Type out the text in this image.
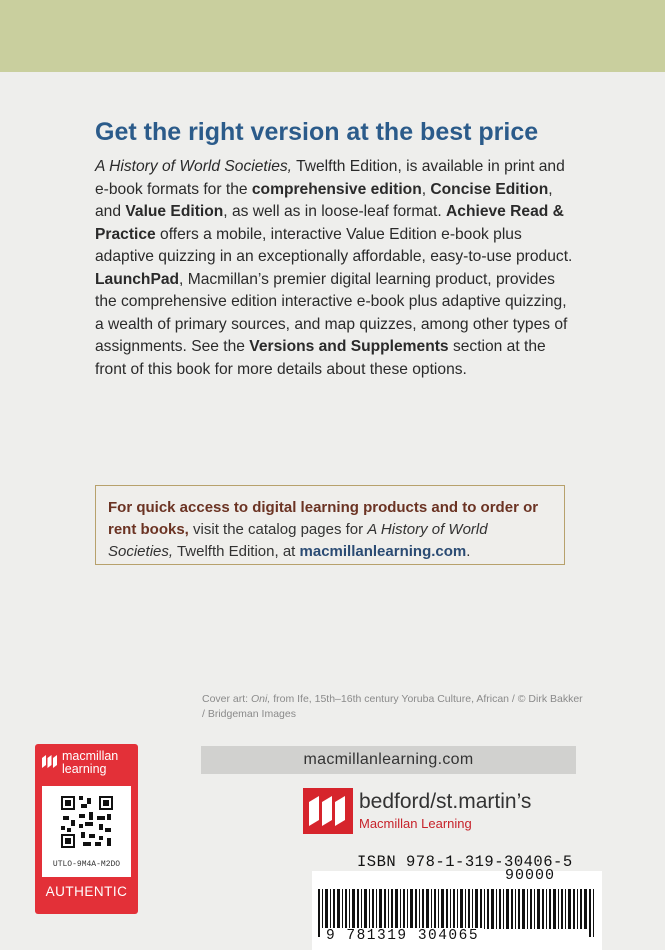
Get the right version at the best price
A History of World Societies, Twelfth Edition, is available in print and e-book formats for the comprehensive edition, Concise Edition, and Value Edition, as well as in loose-leaf format. Achieve Read & Practice offers a mobile, interactive Value Edition e-book plus adaptive quizzing in an exceptionally affordable, easy-to-use product. LaunchPad, Macmillan’s premier digital learning product, provides the comprehensive edition interactive e-book plus adaptive quizzing, a wealth of primary sources, and map quizzes, among other types of assignments. See the Versions and Supplements section at the front of this book for more details about these options.
For quick access to digital learning products and to order or rent books, visit the catalog pages for A History of World Societies, Twelfth Edition, at macmillanlearning.com.
Cover art: Oni, from Ife, 15th–16th century Yoruba Culture, African / © Dirk Bakker / Bridgeman Images
macmillanlearning.com
bedford/st.martin’s
Macmillan Learning
macmillan
learning
UTLO-9M4A-M2DO
AUTHENTIC
ISBN 978-1-319-30406-5
9 781319 304065
90000
